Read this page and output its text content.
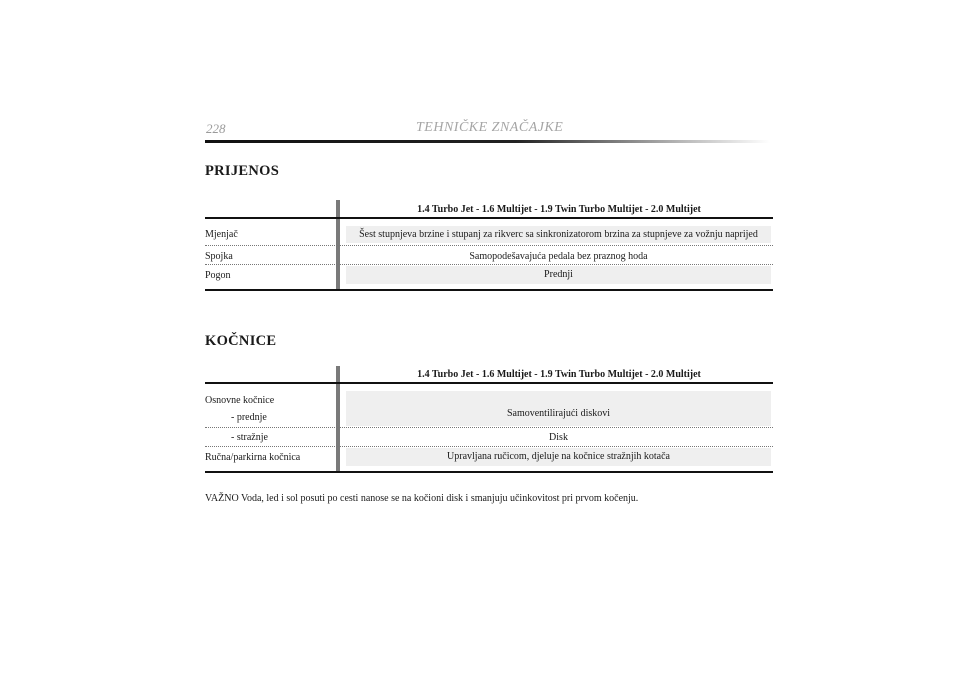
228	TEHNIČKE ZNAČAJKE
PRIJENOS
1.4 Turbo Jet - 1.6 Multijet - 1.9 Twin Turbo Multijet - 2.0 Multijet
Mjenjač	Šest stupnjeva brzine i stupanj za rikverc sa sinkronizatorom brzina za stupnjeve za vožnju naprijed
Spojka	Samopodešavajuća pedala bez praznog hoda
Pogon	Prednji
KOČNICE
1.4 Turbo Jet - 1.6 Multijet - 1.9 Twin Turbo Multijet - 2.0 Multijet
Osnovne kočnice
- prednje	Samoventilirajući diskovi
- stražnje	Disk
Ručna/parkirna kočnica	Upravljana ručicom, djeluje na kočnice stražnjih kotača
VAŽNO Voda, led i sol posuti po cesti nanose se na kočioni disk i smanjuju učinkovitost pri prvom kočenju.
